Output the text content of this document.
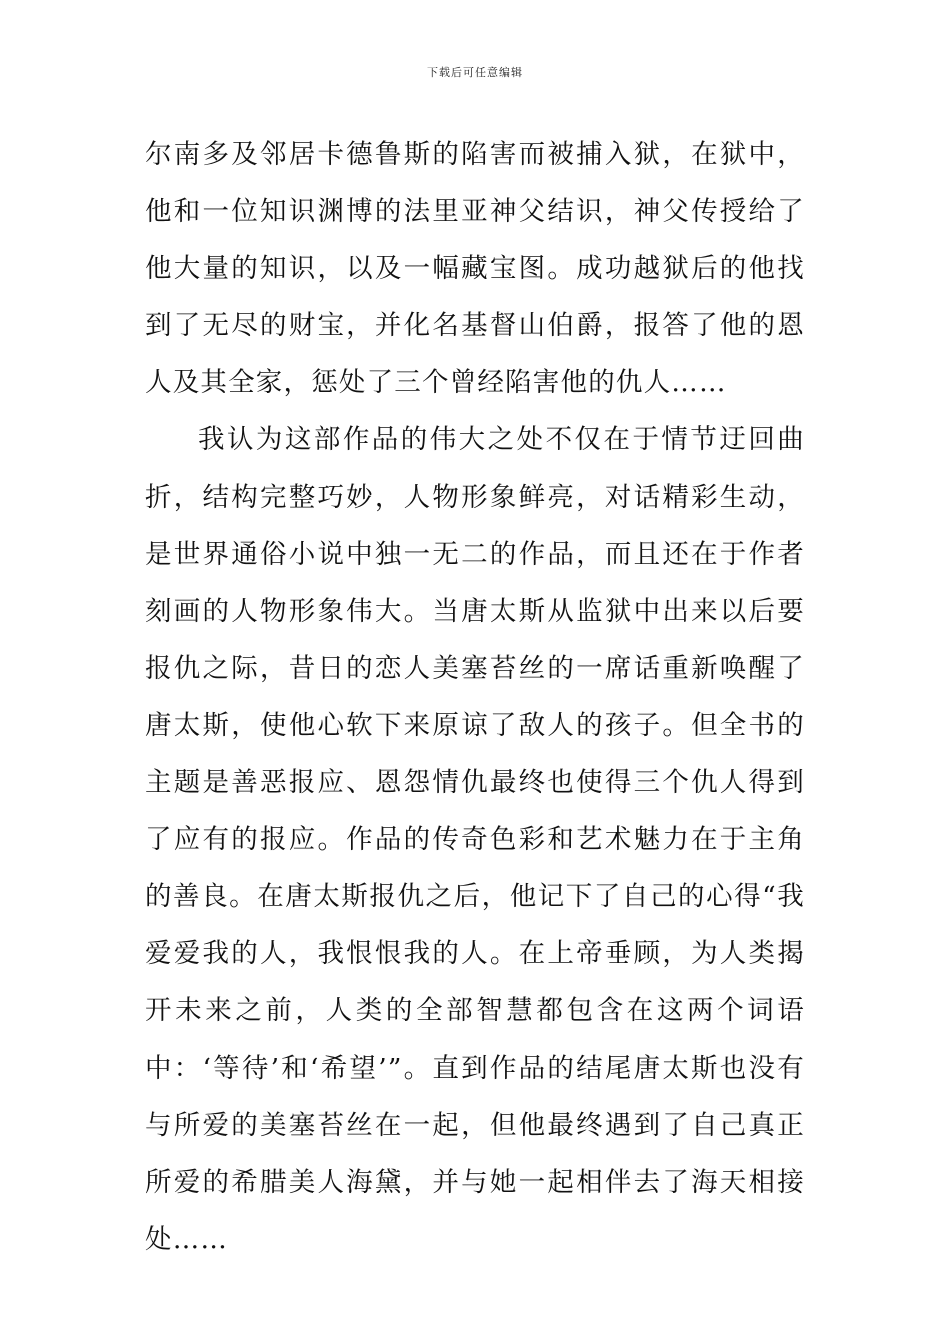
下载后可任意编辑

尔南多及邻居卡德鲁斯的陷害而被捕入狱，在狱中，他和一位知识渊博的法里亚神父结识，神父传授给了他大量的知识，以及一幅藏宝图。成功越狱后的他找到了无尽的财宝，并化名基督山伯爵，报答了他的恩人及其全家，惩处了三个曾经陷害他的仇人……

我认为这部作品的伟大之处不仅在于情节迂回曲折，结构完整巧妙，人物形象鲜亮，对话精彩生动，是世界通俗小说中独一无二的作品，而且还在于作者刻画的人物形象伟大。当唐太斯从监狱中出来以后要报仇之际，昔日的恋人美塞苔丝的一席话重新唤醒了唐太斯，使他心软下来原谅了敌人的孩子。但全书的主题是善恶报应、恩怨情仇最终也使得三个仇人得到了应有的报应。作品的传奇色彩和艺术魅力在于主角的善良。在唐太斯报仇之后，他记下了自己的心得“我爱爱我的人，我恨恨我的人。在上帝垂顾，为人类揭开未来之前，人类的全部智慧都包含在这两个词语中：‘等待’和‘希望’”。直到作品的结尾唐太斯也没有与所爱的美塞苔丝在一起，但他最终遇到了自己真正所爱的希腊美人海黛，并与她一起相伴去了海天相接处……
